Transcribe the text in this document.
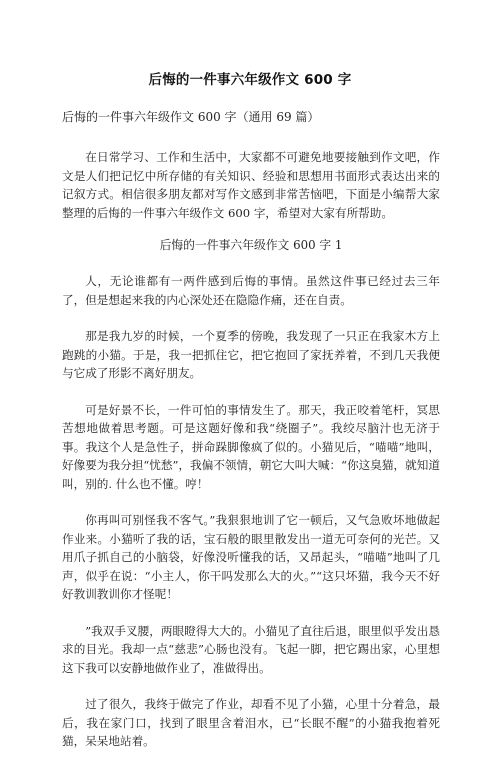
后悔的一件事六年级作文 600 字
后悔的一件事六年级作文 600 字（通用 69 篇）

在日常学习、工作和生活中，大家都不可避免地要接触到作文吧，作文是人们把记忆中所存储的有关知识、经验和思想用书面形式表达出来的记叙方式。相信很多朋友都对写作文感到非常苦恼吧，下面是小编帮大家整理的后悔的一件事六年级作文 600 字，希望对大家有所帮助。

后悔的一件事六年级作文 600 字 1

人，无论谁都有一两件感到后悔的事情。虽然这件事已经过去三年了，但是想起来我的内心深处还在隐隐作痛，还在自责。

那是我九岁的时候，一个夏季的傍晚，我发现了一只正在我家木方上跑跳的小猫。于是，我一把抓住它，把它抱回了家抚养着，不到几天我便与它成了形影不离好朋友。

可是好景不长，一件可怕的事情发生了。那天，我正咬着笔杆，冥思苦想地做着思考题。可是这题好像和我“绕圈子”。我绞尽脑汁也无济于事。我这个人是急性子，拼命跺脚像疯了似的。小猫见后，“喵喵”地叫，好像要为我分担“忧愁”，我偏不领情，朝它大叫大喊：“你这臭猫，就知道叫，别的. 什么也不懂。哼！

你再叫可别怪我不客气。”我狠狠地训了它一顿后，又气急败坏地做起作业来。小猫听了我的话，宝石般的眼里散发出一道无可奈何的光芒。又用爪子抓自己的小脑袋，好像没听懂我的话，又昂起头，“喵喵”地叫了几声，似乎在说：“小主人，你干吗发那么大的火。”“这只坏猫，我今天不好好教训教训你才怪呢！

”我双手叉腰，两眼瞪得大大的。小猫见了直往后退，眼里似乎发出恳求的目光。我却一点“慈悲”心肠也没有。飞起一脚，把它踢出家，心里想 这下我可以安静地做作业了，准做得出。

过了很久，我终于做完了作业，却看不见了小猫，心里十分着急，最后，我在家门口，找到了眼里含着泪水，已“长眠不醒”的小猫我抱着死猫，呆呆地站着。
